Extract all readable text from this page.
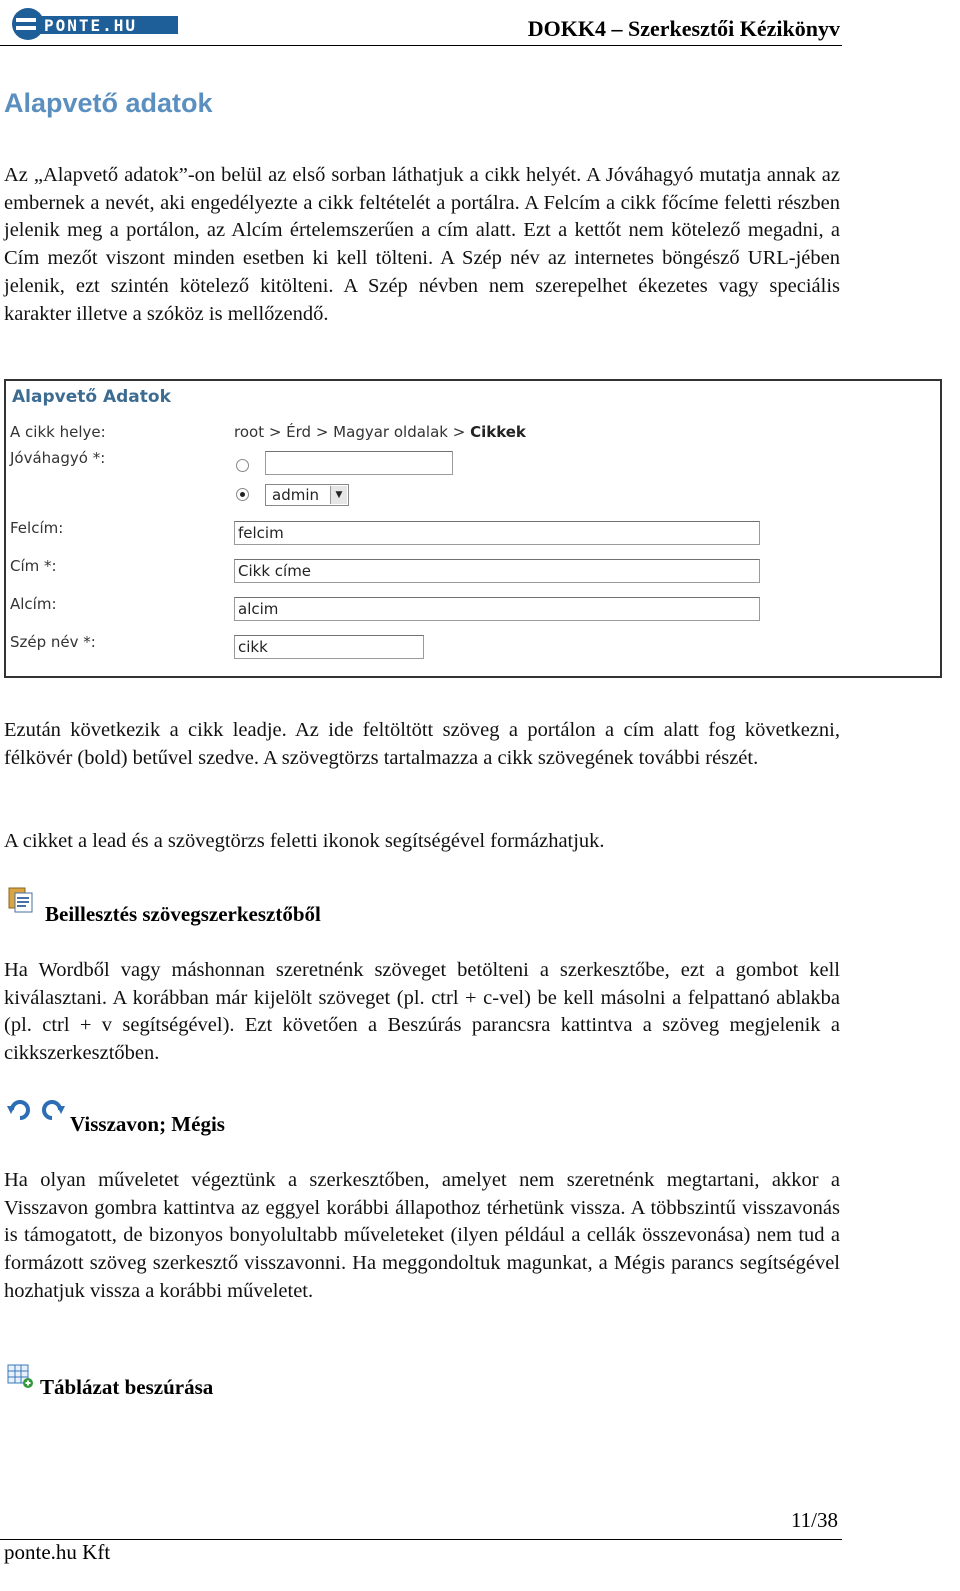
PONTE.HU	DOKK4 – Szerkesztői Kézikönyv
Alapvető adatok
Az „Alapvető adatok”-on belül az első sorban láthatjuk a cikk helyét. A Jóváhagyó mutatja annak az embernek a nevét, aki engedélyezte a cikk feltételét a portálra. A Felcím a cikk főcíme feletti részben jelenik meg a portálon, az Alcím értelemszerűen a cím alatt. Ezt a kettőt nem kötelező megadni, a Cím mezőt viszont minden esetben ki kell tölteni. A Szép név az internetes böngésző URL-jében jelenik, ezt szintén kötelező kitölteni. A Szép névben nem szerepelhet ékezetes vagy speciális karakter illetve a szóköz is mellőzendő.
Alapvető Adatok
A cikk helye:	root > Érd > Magyar oldalak > Cikkek
Jóváhagyó *:
admin	▼
Felcím:	felcim
Cím *:	Cikk címe
Alcím:	alcim
Szép név *:	cikk
Ezután következik a cikk leadje. Az ide feltöltött szöveg a portálon a cím alatt fog következni, félkövér (bold) betűvel szedve. A szövegtörzs tartalmazza a cikk szövegének további részét.
A cikket a lead és a szövegtörzs feletti ikonok segítségével formázhatjuk.
Beillesztés szövegszerkesztőből
Ha Wordből vagy máshonnan szeretnénk szöveget betölteni a szerkesztőbe, ezt a gombot kell kiválasztani. A korábban már kijelölt szöveget (pl. ctrl + c-vel) be kell másolni a felpattanó ablakba (pl. ctrl + v segítségével). Ezt követően a Beszúrás parancsra kattintva a szöveg megjelenik a cikkszerkesztőben.
Visszavon; Mégis
Ha olyan műveletet végeztünk a szerkesztőben, amelyet nem szeretnénk megtartani, akkor a Visszavon gombra kattintva az eggyel korábbi állapothoz térhetünk vissza. A többszintű visszavonás is támogatott, de bizonyos bonyolultabb műveleteket (ilyen például a cellák összevonása) nem tud a formázott szöveg szerkesztő visszavonni. Ha meggondoltuk magunkat, a Mégis parancs segítségével hozhatjuk vissza a korábbi műveletet.
Táblázat beszúrása
11/38
ponte.hu Kft
